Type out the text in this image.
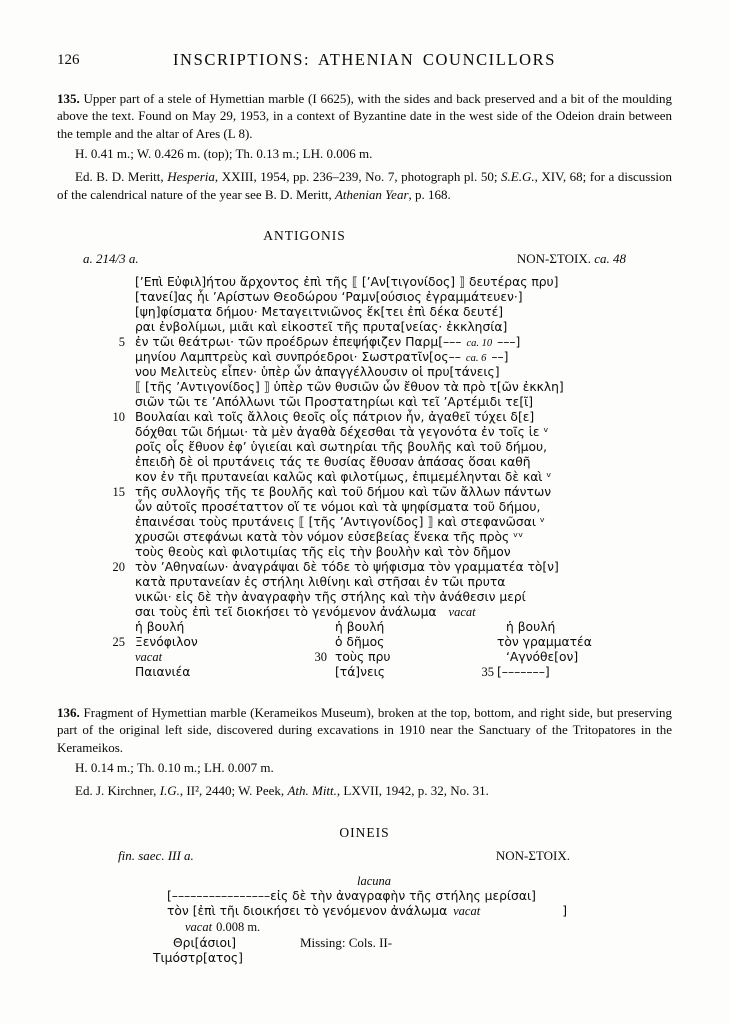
126	INSCRIPTIONS: ATHENIAN COUNCILLORS

135. Upper part of a stele of Hymettian marble (I 6625), with the sides and back preserved and a bit of the moulding above the text. Found on May 29, 1953, in a context of Byzantine date in the west side of the Odeion drain between the temple and the altar of Ares (L 8).

H. 0.41 m.; W. 0.426 m. (top); Th. 0.13 m.; LH. 0.006 m.

Ed. B. D. Meritt, Hesperia, XXIII, 1954, pp. 236–239, No. 7, photograph pl. 50; S.E.G., XIV, 68; for a discussion of the calendrical nature of the year see B. D. Meritt, Athenian Year, p. 168.

ANTIGONIS
a. 214/3 a.	ΝΟΝ-ΣΤΟΙΧ. ca. 48
[’Επὶ Εὐφιλ]ήτου ἄρχοντος ἐπὶ τῆς ⟦ [’Αν[τιγονίδος] ⟧ δευτέρας πρυ]
[τανεί]ας ἧι ’Αρίστων Θεοδώρου ‘Ραμν[ούσιος ἐγραμμάτευεν·]
[ψη]φίσματα δήμου· Μεταγειτνιῶνος ἕκ[τει ἐπὶ δέκα δευτέ]
ραι ἐνβολίμωι, μιᾶι καὶ εἰκοστεῖ τῆς πρυτα[νείας· ἐκκλησία]
5 ἐν τῶι θεάτρωι· τῶν προέδρων ἐπεψήφιζεν Παρμ[––– ca. 10 –––]
μηνίου Λαμπτρεὺς καὶ συνπρόεδροι· Σωστρατῖν[ος–– ca. 6 ––]
νου Μελιτεὺς εἶπεν· ὑπὲρ ὧν ἀπαγγέλλουσιν οἱ πρυ[τάνεις]
⟦ [τῆς ’Αντιγονίδος] ⟧ ὑπὲρ τῶν θυσιῶν ὧν ἔθυον τὰ πρὸ τ[ῶν ἐκκλη]
σιῶν τῶι τε ’Απόλλωνι τῶι Προστατηρίωι καὶ τεῖ ’Αρτέμιδι τε[ῖ]
10 Βουλαίαι καὶ τοῖς ἄλλοις θεοῖς οἷς πάτριον ἦν, ἀγαθεῖ τύχει δ[ε]
δόχθαι τῶι δήμωι· τὰ μὲν ἀγαθὰ δέχεσθαι τὰ γεγονότα ἐν τοῖς ἱε ᵛ
ροῖς οἷς ἔθυον ἐφ’ ὑγιείαι καὶ σωτηρίαι τῆς βουλῆς καὶ τοῦ δήμου,
ἐπειδὴ δὲ οἱ πρυτάνεις τάς τε θυσίας ἔθυσαν ἁπάσας ὅσαι καθῆ
κον ἐν τῆι πρυτανείαι καλῶς καὶ φιλοτίμως, ἐπιμεμέληνται δὲ καὶ ᵛ
15 τῆς συλλογῆς τῆς τε βουλῆς καὶ τοῦ δήμου καὶ τῶν ἄλλων πάντων
ὧν αὐτοῖς προσέταττον οἵ τε νόμοι καὶ τὰ ψηφίσματα τοῦ δήμου,
ἐπαινέσαι τοὺς πρυτάνεις ⟦ [τῆς ’Αντιγονίδος] ⟧ καὶ στεφανῶσαι ᵛ
χρυσῶι στεφάνωι κατὰ τὸν νόμον εὐσεβείας ἕνεκα τῆς πρὸς ᵛᵛ
τοὺς θεοὺς καὶ φιλοτιμίας τῆς εἰς τὴν βουλὴν καὶ τὸν δῆμον
20 τὸν ’Αθηναίων· ἀναγράψαι δὲ τόδε τὸ ψήφισμα τὸν γραμματέα τὸ[ν]
κατὰ πρυτανείαν ἐς στήληι λιθίνηι καὶ στῆσαι ἐν τῶι πρυτα
νικῶι· εἰς δὲ τὴν ἀναγραφὴν τῆς στήλης καὶ τὴν ἀνάθεσιν μερί
σαι τοὺς ἐπὶ τεῖ διοκήσει τὸ γενόμενον ἀνάλωμα vacat
ἡ βουλή	ἡ βουλή	ἡ βουλή
25 Ξενόφιλον	ὁ δῆμος	τὸν γραμματέα
vacat	30 τοὺς πρυ	‘Αγνόθε[ον]
Παιανιέα	[τά]νεις	35 [–––––––]

136. Fragment of Hymettian marble (Kerameikos Museum), broken at the top, bottom, and right side, but preserving part of the original left side, discovered during excavations in 1910 near the Sanctuary of the Tritopatores in the Kerameikos.

H. 0.14 m.; Th. 0.10 m.; LH. 0.007 m.

Ed. J. Kirchner, I.G., II², 2440; W. Peek, Ath. Mitt., LXVII, 1942, p. 32, No. 31.

OINEIS
fin. saec. III a.	ΝΟΝ-ΣΤΟΙΧ.
lacuna
[––––––––––––––––εἰς δὲ τὴν ἀναγραφὴν τῆς στήλης μερίσαι]
τὸν [ἐπὶ τῆι διοικήσει τὸ γενόμενον ἀνάλωμα vacat	]
vacat 0.008 m.
Θρι[άσιοι]	Missing: Cols. II-
Τιμόστρ[ατος]
